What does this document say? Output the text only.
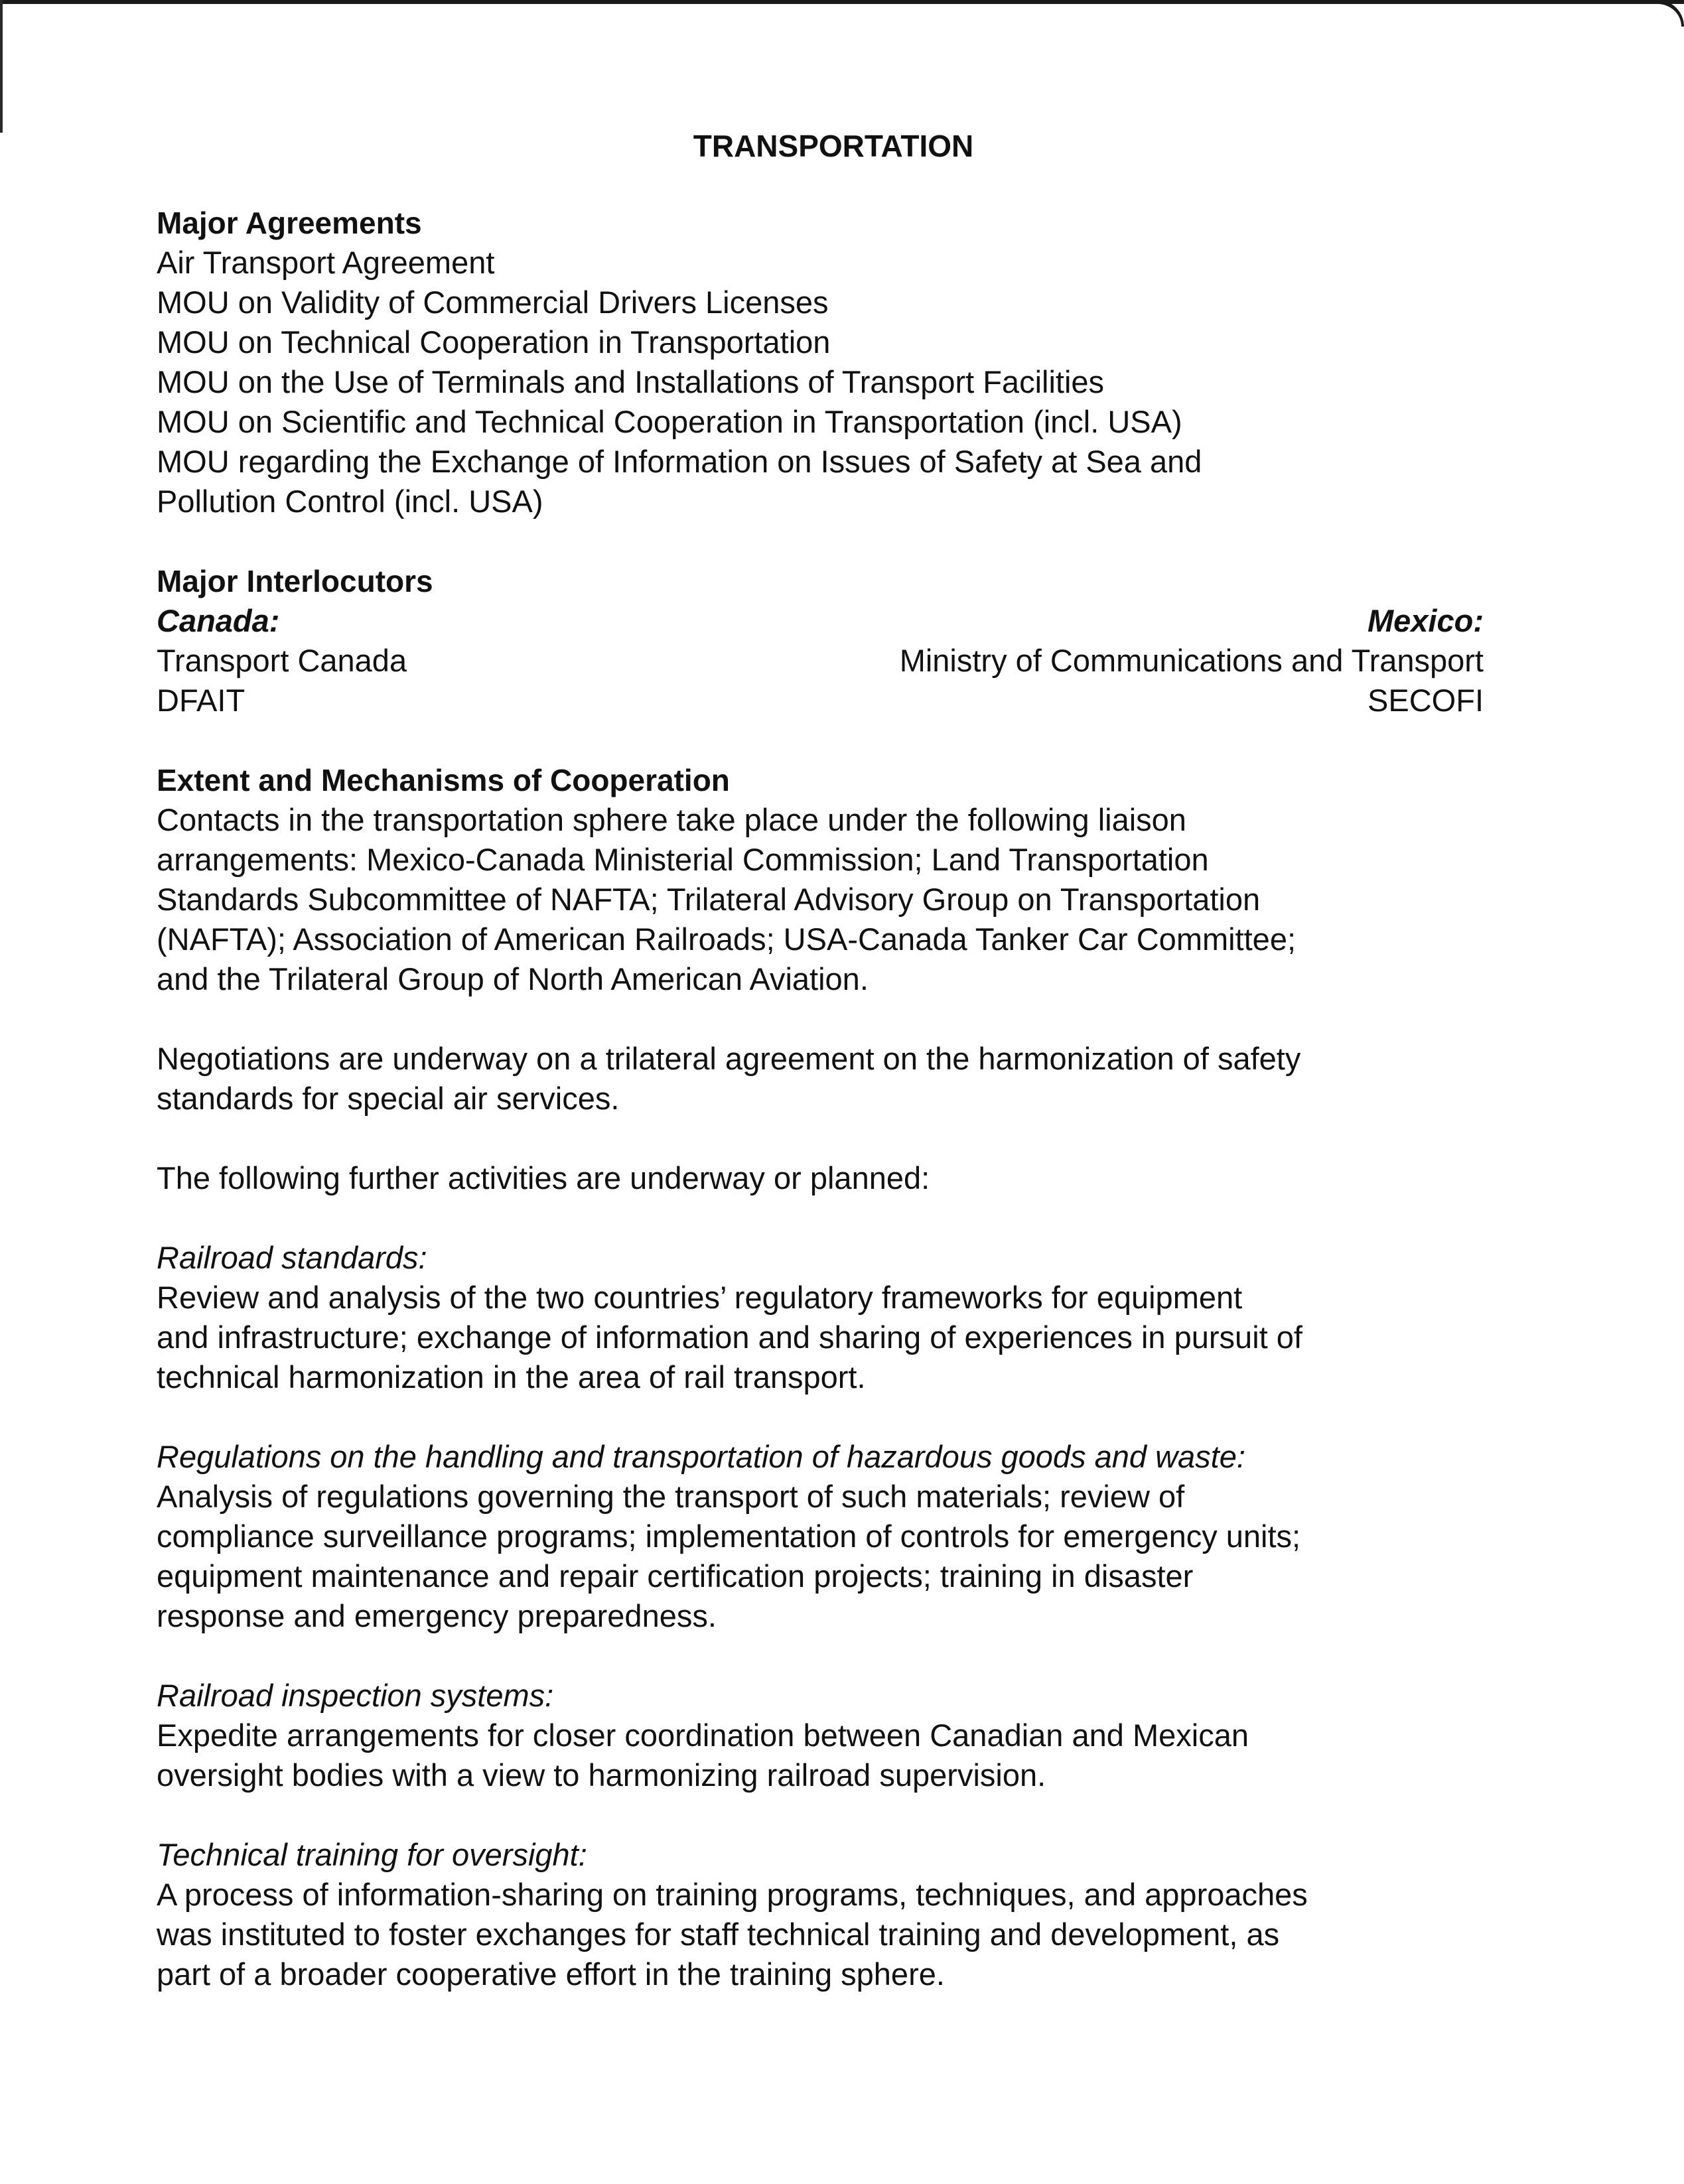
TRANSPORTATION
Major Agreements
Air Transport Agreement
MOU on Validity of Commercial Drivers Licenses
MOU on Technical Cooperation in Transportation
MOU on the Use of Terminals and Installations of Transport Facilities
MOU on Scientific and Technical Cooperation in Transportation (incl. USA)
MOU regarding the Exchange of Information on Issues of Safety at Sea and
Pollution Control (incl. USA)
Major Interlocutors
Canada:
Transport Canada
DFAIT
Mexico:
Ministry of Communications and Transport
SECOFI
Extent and Mechanisms of Cooperation
Contacts in the transportation sphere take place under the following liaison
arrangements: Mexico-Canada Ministerial Commission; Land Transportation
Standards Subcommittee of NAFTA; Trilateral Advisory Group on Transportation
(NAFTA); Association of American Railroads; USA-Canada Tanker Car Committee;
and the Trilateral Group of North American Aviation.
Negotiations are underway on a trilateral agreement on the harmonization of safety
standards for special air services.
The following further activities are underway or planned:
Railroad standards:
Review and analysis of the two countries’ regulatory frameworks for equipment
and infrastructure; exchange of information and sharing of experiences in pursuit of
technical harmonization in the area of rail transport.
Regulations on the handling and transportation of hazardous goods and waste:
Analysis of regulations governing the transport of such materials; review of
compliance surveillance programs; implementation of controls for emergency units;
equipment maintenance and repair certification projects; training in disaster
response and emergency preparedness.
Railroad inspection systems:
Expedite arrangements for closer coordination between Canadian and Mexican
oversight bodies with a view to harmonizing railroad supervision.
Technical training for oversight:
A process of information-sharing on training programs, techniques, and approaches
was instituted to foster exchanges for staff technical training and development, as
part of a broader cooperative effort in the training sphere.
